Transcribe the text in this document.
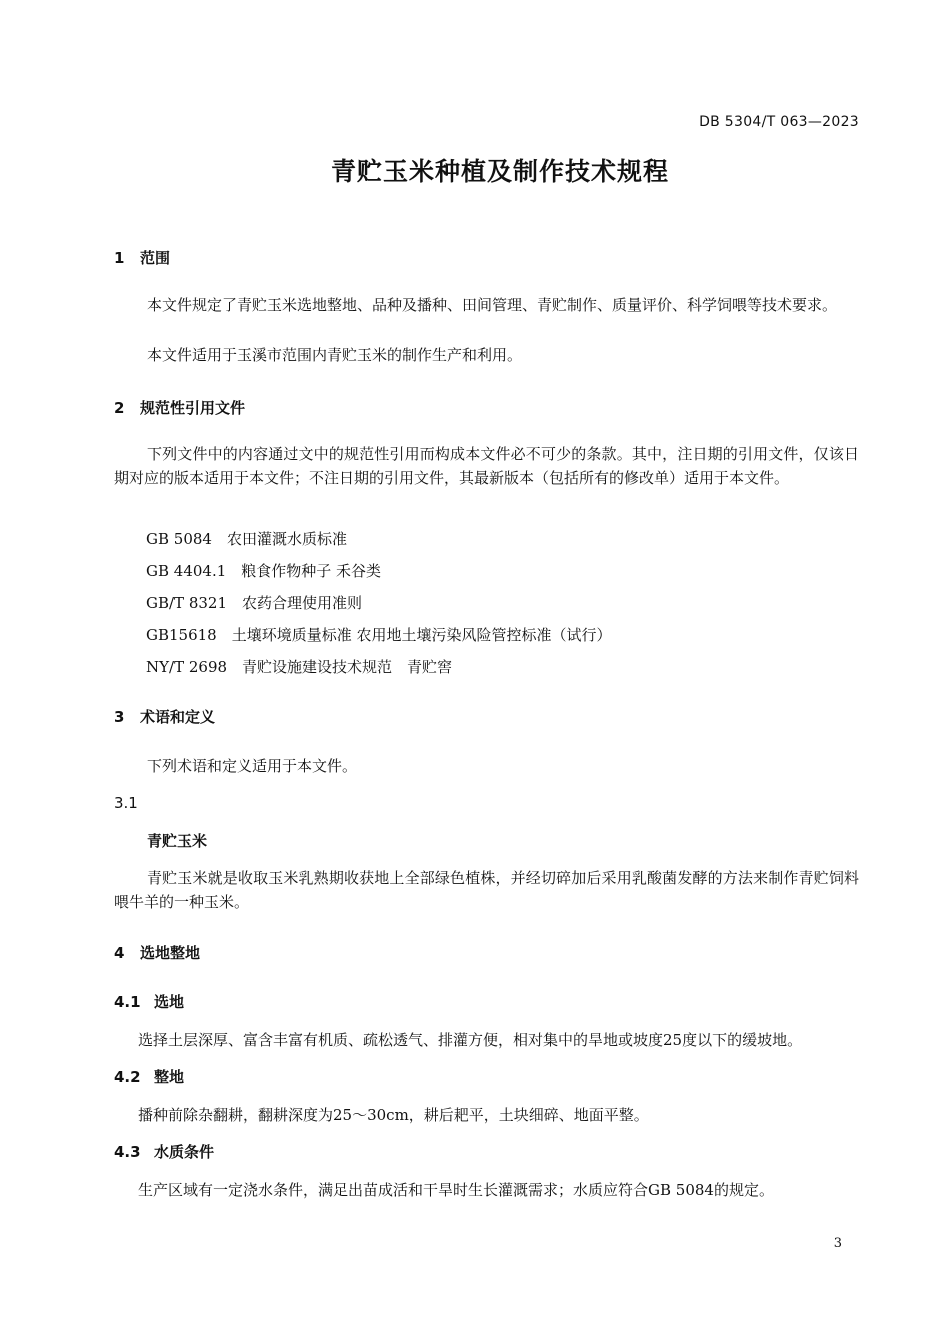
DB 5304/T 063—2023
青贮玉米种植及制作技术规程
1 范围
本文件规定了青贮玉米选地整地、品种及播种、田间管理、青贮制作、质量评价、科学饲喂等技术要求。
本文件适用于玉溪市范围内青贮玉米的制作生产和利用。
2 规范性引用文件
下列文件中的内容通过文中的规范性引用而构成本文件必不可少的条款。其中，注日期的引用文件，仅该日期对应的版本适用于本文件；不注日期的引用文件，其最新版本（包括所有的修改单）适用于本文件。
GB 5084　农田灌溉水质标准
GB 4404.1　粮食作物种子 禾谷类
GB/T 8321　农药合理使用准则
GB15618　土壤环境质量标准 农用地土壤污染风险管控标准（试行）
NY/T 2698　青贮设施建设技术规范　青贮窖
3 术语和定义
下列术语和定义适用于本文件。
3.1
青贮玉米
青贮玉米就是收取玉米乳熟期收获地上全部绿色植株，并经切碎加后采用乳酸菌发酵的方法来制作青贮饲料喂牛羊的一种玉米。
4 选地整地
4.1 选地
选择土层深厚、富含丰富有机质、疏松透气、排灌方便，相对集中的旱地或坡度25度以下的缓坡地。
4.2 整地
播种前除杂翻耕，翻耕深度为25～30cm，耕后耙平，土块细碎、地面平整。
4.3 水质条件
生产区域有一定浇水条件，满足出苗成活和干旱时生长灌溉需求；水质应符合GB 5084的规定。
3
